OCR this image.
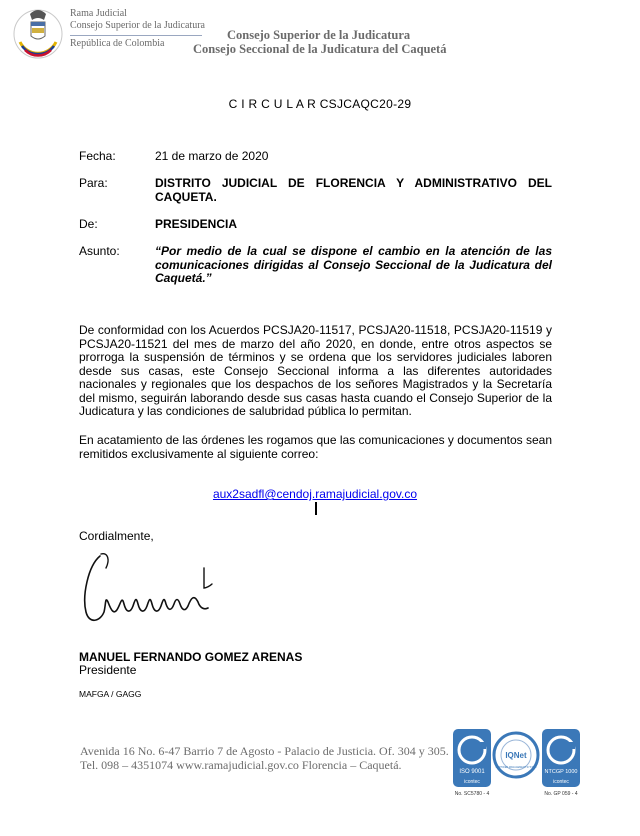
Rama Judicial
Consejo Superior de la Judicatura
República de Colombia
Consejo Superior de la Judicatura
Consejo Seccional de la Judicatura del Caquetá
C I R C U L A R CSJCAQC20-29
Fecha:	21 de marzo de 2020
Para:	DISTRITO JUDICIAL DE FLORENCIA Y ADMINISTRATIVO DEL CAQUETA.
De:	PRESIDENCIA
Asunto:	“Por medio de la cual se dispone el cambio en la atención de las comunicaciones dirigidas al Consejo Seccional de la Judicatura del Caquetá.”
De conformidad con los Acuerdos PCSJA20-11517, PCSJA20-11518, PCSJA20-11519 y PCSJA20-11521 del mes de marzo del año 2020, en donde, entre otros aspectos se prorroga la suspensión de términos y se ordena que los servidores judiciales laboren desde sus casas, este Consejo Seccional informa a las diferentes autoridades nacionales y regionales que los despachos de los señores Magistrados y la Secretaría del mismo, seguirán laborando desde sus casas hasta cuando el Consejo Superior de la Judicatura y las condiciones de salubridad pública lo permitan.
En acatamiento de las órdenes les rogamos que las comunicaciones y documentos sean remitidos exclusivamente al siguiente correo:
aux2sadfl@cendoj.ramajudicial.gov.co
Cordialmente,
MANUEL FERNANDO GOMEZ ARENAS
Presidente
MAFGA / GAGG
Avenida 16 No. 6-47 Barrio 7 de Agosto - Palacio de Justicia. Of. 304 y 305.
Tel. 098 – 4351074 www.ramajudicial.gov.co Florencia – Caquetá.	ISO 9001
icontec
No. SC5780 - 4
IQNet
CERTIFIED MANAGEMENT SYSTEM
NTCGP 1000
icontec
No. GP 059 - 4
